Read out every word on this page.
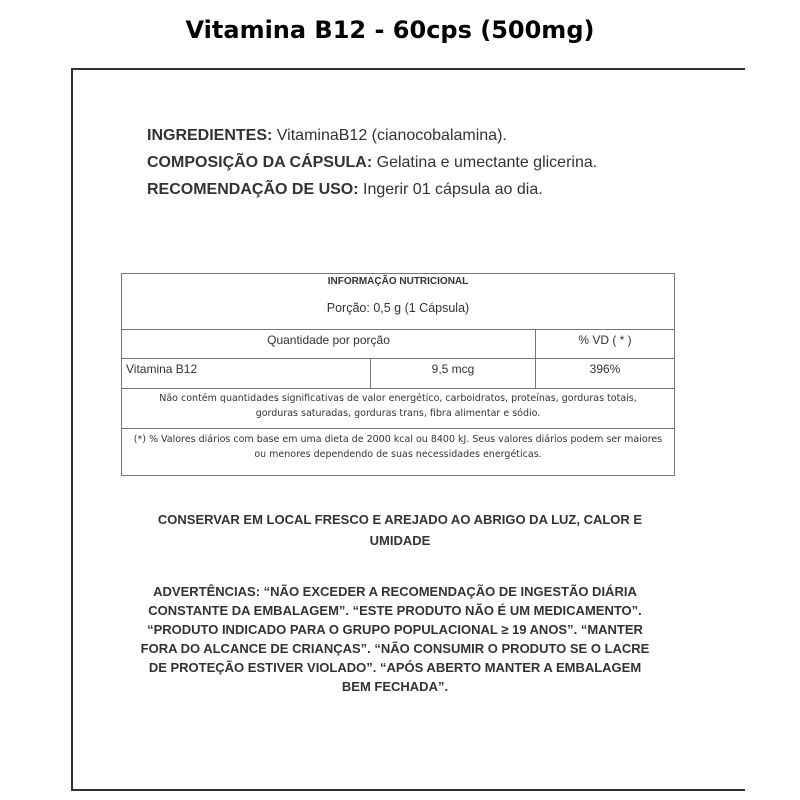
Vitamina B12 - 60cps (500mg)
INGREDIENTES: VitaminaB12 (cianocobalamina).
COMPOSIÇÃO DA CÁPSULA: Gelatina e umectante glicerina.
RECOMENDAÇÃO DE USO: Ingerir 01 cápsula ao dia.
INFORMAÇÃO NUTRICIONAL
Porção: 0,5 g (1 Cápsula)		

Quantidade por porção		% VD ( * )
Vitamina B12	9,5 mcg	396%
Não contém quantidades significativas de valor energético, carboidratos, proteínas, gorduras totais, gorduras saturadas, gorduras trans, fibra alimentar e sódio.		
(*) % Valores diários com base em uma dieta de 2000 kcal ou 8400 kJ. Seus valores diários podem ser maiores ou menores dependendo de suas necessidades energéticas.		
CONSERVAR EM LOCAL FRESCO E AREJADO AO ABRIGO DA LUZ, CALOR E UMIDADE
ADVERTÊNCIAS: “NÃO EXCEDER A RECOMENDAÇÃO DE INGESTÃO DIÁRIA
CONSTANTE DA EMBALAGEM”. “ESTE PRODUTO NÃO É UM MEDICAMENTO”.
“PRODUTO INDICADO PARA O GRUPO POPULACIONAL ≥ 19 ANOS”. “MANTER
FORA DO ALCANCE DE CRIANÇAS”. “NÃO CONSUMIR O PRODUTO SE O LACRE
DE PROTEÇÃO ESTIVER VIOLADO”. “APÓS ABERTO MANTER A EMBALAGEM
BEM FECHADA”.
